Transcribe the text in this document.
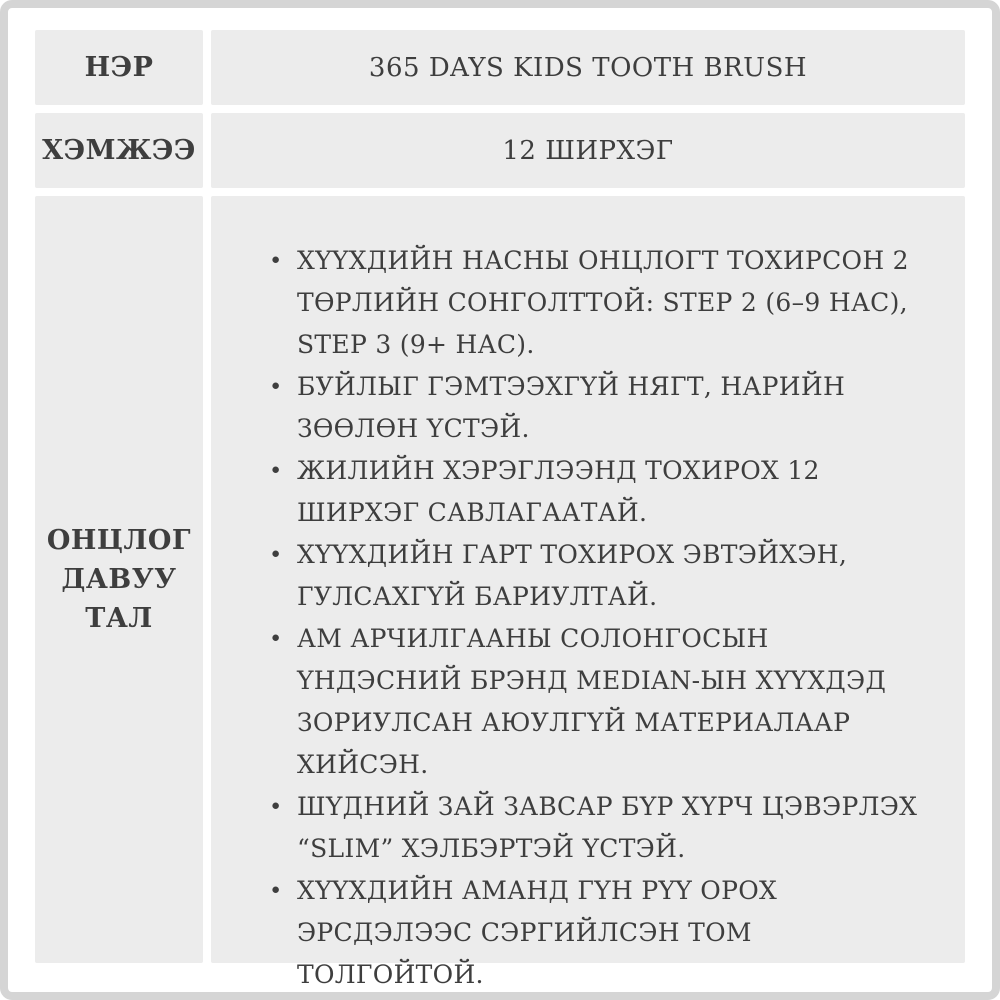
НЭР	365 DAYS KIDS TOOTH BRUSH
ХЭМЖЭЭ	12 ШИРХЭГ
ОНЦЛОГ ДАВУУ ТАЛ
• ХҮҮХДИЙН НАСНЫ ОНЦЛОГТ ТОХИРСОН 2 ТӨРЛИЙН СОНГОЛТТОЙ: STEP 2 (6–9 НАС), STEP 3 (9+ НАС).
• БУЙЛЫГ ГЭМТЭЭХГҮЙ НЯГТ, НАРИЙН ЗӨӨЛӨН ҮСТЭЙ.
• ЖИЛИЙН ХЭРЭГЛЭЭНД ТОХИРОХ 12 ШИРХЭГ САВЛАГААТАЙ.
• ХҮҮХДИЙН ГАРТ ТОХИРОХ ЭВТЭЙХЭН, ГУЛСАХГҮЙ БАРИУЛТАЙ.
• АМ АРЧИЛГААНЫ СОЛОНГОСЫН ҮНДЭСНИЙ БРЭНД MEDIAN-ЫН ХҮҮХДЭД ЗОРИУЛСАН АЮУЛГҮЙ МАТЕРИАЛААР ХИЙСЭН.
• ШҮДНИЙ ЗАЙ ЗАВСАР БҮР ХҮРЧ ЦЭВЭРЛЭХ “SLIM” ХЭЛБЭРТЭЙ ҮСТЭЙ.
• ХҮҮХДИЙН АМАНД ГҮН РҮҮ ОРОХ ЭРСДЭЛЭЭС СЭРГИЙЛСЭН ТОМ ТОЛГОЙТОЙ.
